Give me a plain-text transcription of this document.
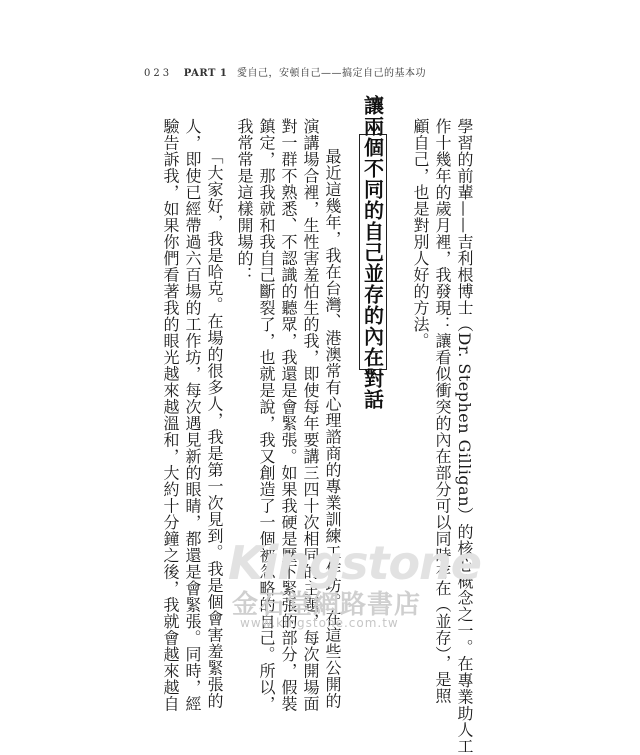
023 PART 1 愛自己，安頓自己——搞定自己的基本功
學習的前輩——吉利根博士（Dr. Stephen Gilligan）的核心概念之一。在專業助人工
作十幾年的歲月裡，我發現：讓看似衝突的內在部分可以同時存在（並存），是照
顧自己，也是對別人好的方法。
讓兩個不同的自己並存的內在對話
最近這幾年，我在台灣、港澳常有心理諮商的專業訓練工作坊。在這些公開的
演講場合裡，生性害羞怕生的我，即使每年要講三四十次相同的主題，每次開場面
對一群不熟悉、不認識的聽眾，我還是會緊張。如果我硬是壓下緊張的部分，假裝
鎮定，那我就和我自己斷裂了，也就是說，我又創造了一個被忽略的自己。所以，
我常常是這樣開場的：
「大家好，我是哈克。在場的很多人，我是第一次見到。我是個會害羞緊張的
人，即使已經帶過六百場的工作坊，每次遇見新的眼睛，都還是會緊張。同時，經
驗告訴我，如果你們看著我的眼光越來越溫和，大約十分鐘之後，我就會越來越自 Kingstone
金石堂網路書店
www.kingstone.com.tw
